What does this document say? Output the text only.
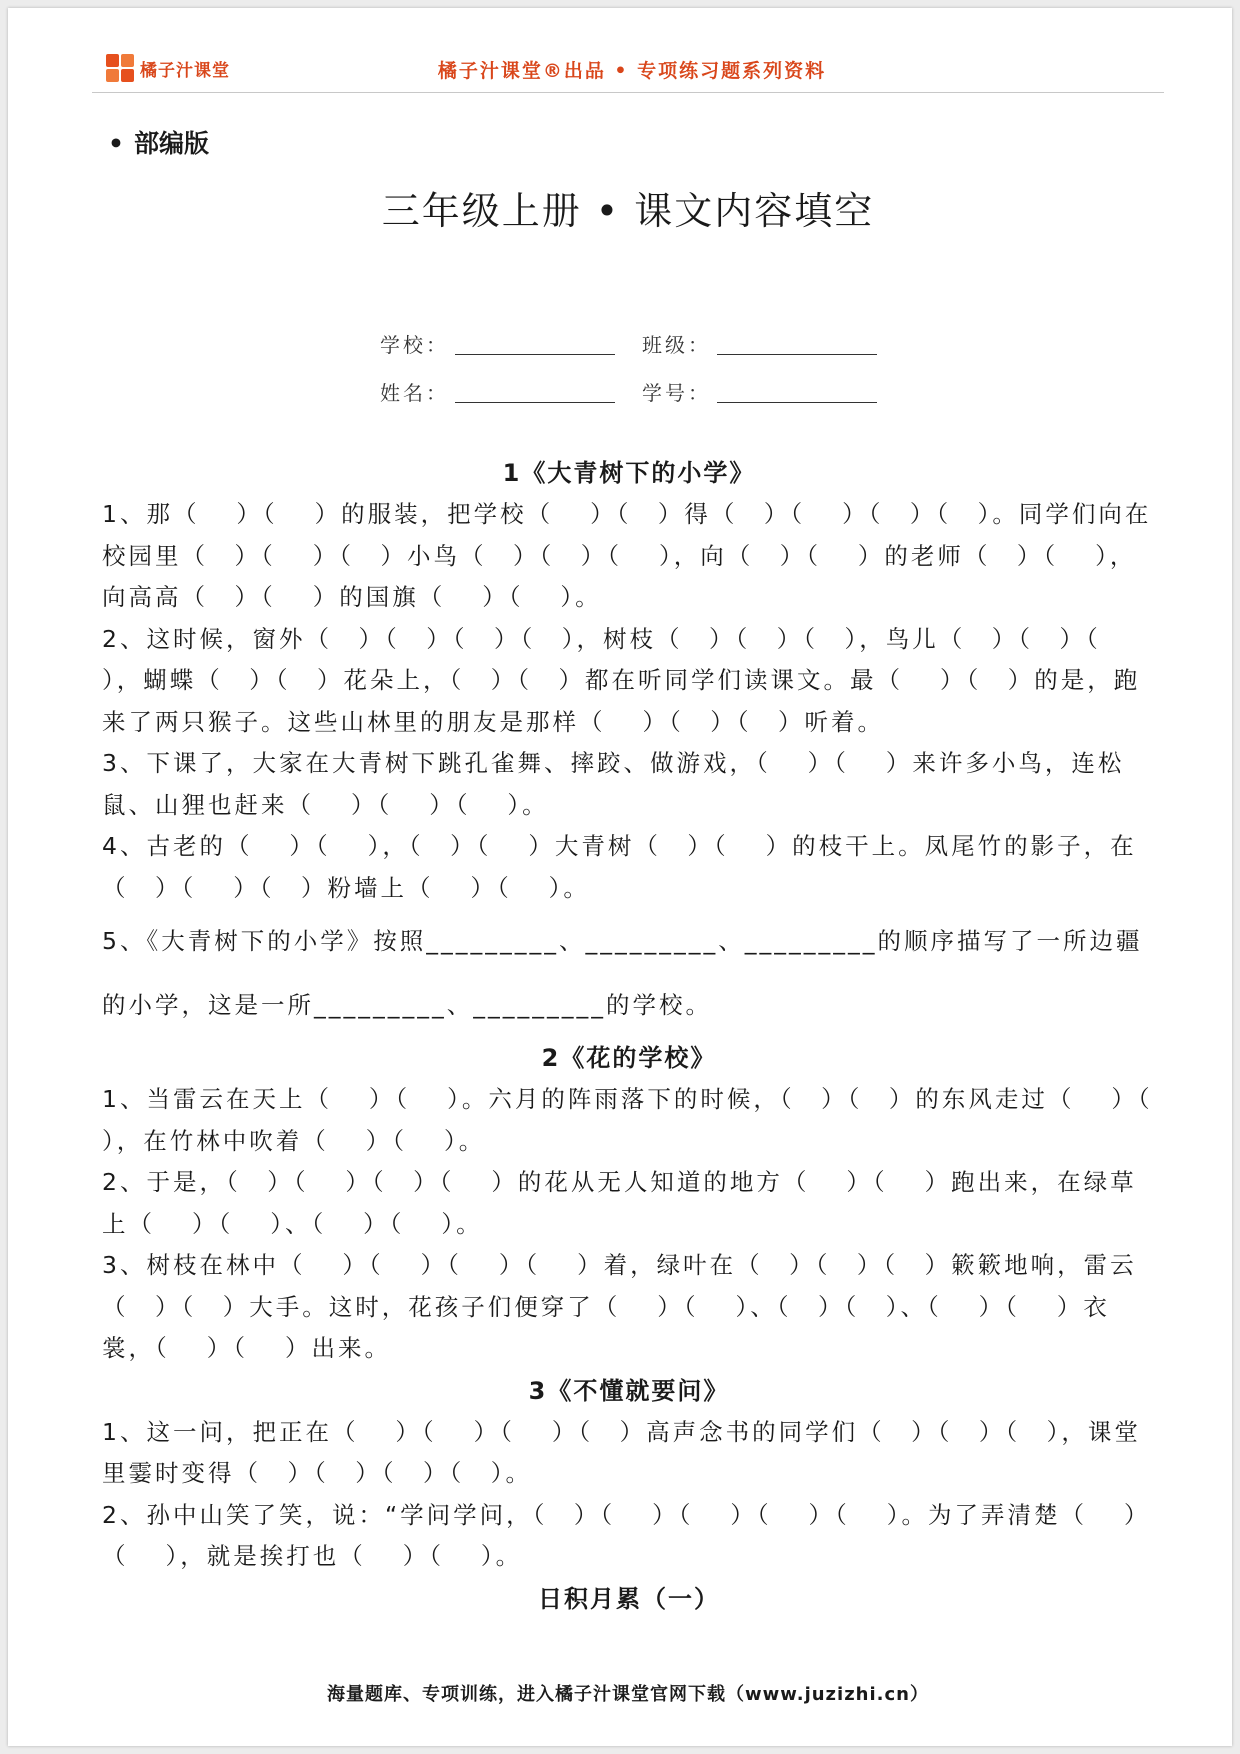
橘子汁课堂	橘子汁课堂®出品 • 专项练习题系列资料
• 部编版
三年级上册 • 课文内容填空
学校：	班级：
姓名：	学号：
1《大青树下的小学》

1、那（　 ）（　 ）的服装，把学校（　 ）（　）得（　）（　 ）（　）（　）。同学们向在校园里（　）（　 ）（　）小鸟（　）（　）（　 ），向（　）（　 ）的老师（　）（　 ），向高高（　）（　 ）的国旗（　 ）（　 ）。

2、这时候，窗外（　）（　）（　）（　），树枝（　）（　）（　），鸟儿（　）（　）（　 ），蝴蝶（　）（　）花朵上，（　）（　）都在听同学们读课文。最（　 ）（　）的是，跑来了两只猴子。这些山林里的朋友是那样（　 ）（　）（　）听着。

3、下课了，大家在大青树下跳孔雀舞、摔跤、做游戏，（　 ）（　 ）来许多小鸟，连松鼠、山狸也赶来（　 ）（　 ）（　 ）。

4、古老的（　 ）（　 ），（　）（　 ）大青树（　）（　 ）的枝干上。凤尾竹的影子，在（　）（　 ）（　）粉墙上（　 ）（　 ）。

5、《大青树下的小学》按照_________、_________、_________的顺序描写了一所边疆的小学，这是一所_________、_________的学校。

2《花的学校》

1、当雷云在天上（　 ）（　 ）。六月的阵雨落下的时候，（　）（　）的东风走过（　 ）（　 ），在竹林中吹着（　 ）（　 ）。

2、于是，（　）（　 ）（　）（　 ）的花从无人知道的地方（　 ）（　 ）跑出来，在绿草上（　 ）（　 ）、（　 ）（　 ）。

3、树枝在林中（　 ）（　 ）（　 ）（　 ）着，绿叶在（　）（　）（　）簌簌地响，雷云（　）（　）大手。这时，花孩子们便穿了（　 ）（　 ）、（　）（　）、（　 ）（　 ）衣裳，（　 ）（　 ）出来。

3《不懂就要问》

1、这一问，把正在（　 ）（　 ）（　 ）（　）高声念书的同学们（　）（　）（　），课堂里霎时变得（　）（　）（　）（　）。

2、孙中山笑了笑，说：“学问学问，（　）（　 ）（　 ）（　 ）（　 ）。为了弄清楚（　 ）（　 ），就是挨打也（　 ）（　 ）。

日积月累（一）
海量题库、专项训练，进入橘子汁课堂官网下载（www.juzizhi.cn）
